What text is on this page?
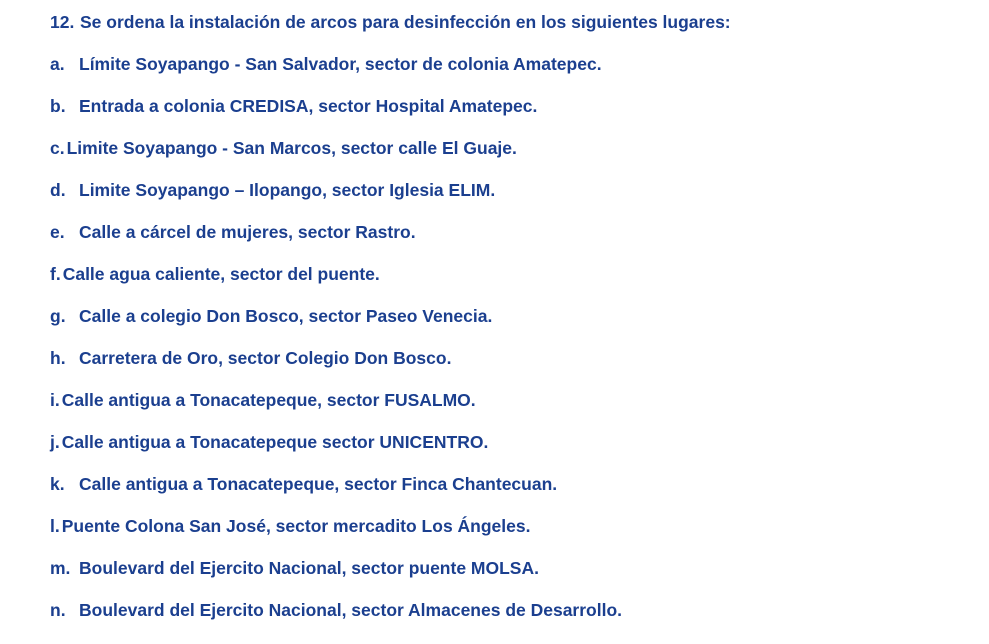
12. Se ordena la instalación de arcos para desinfección en los siguientes lugares:
a. Límite Soyapango - San Salvador, sector de colonia Amatepec.
b. Entrada a colonia CREDISA, sector Hospital Amatepec.
c. Limite Soyapango - San Marcos, sector calle El Guaje.
d. Limite Soyapango – Ilopango, sector Iglesia ELIM.
e. Calle a cárcel de mujeres, sector Rastro.
f. Calle agua caliente, sector del puente.
g. Calle a colegio Don Bosco, sector Paseo Venecia.
h. Carretera de Oro, sector Colegio Don Bosco.
i. Calle antigua a Tonacatepeque, sector FUSALMO.
j. Calle antigua a Tonacatepeque sector UNICENTRO.
k. Calle antigua a Tonacatepeque, sector Finca Chantecuan.
l. Puente Colona San José, sector mercadito Los Ángeles.
m. Boulevard del Ejercito Nacional, sector puente MOLSA.
n. Boulevard del Ejercito Nacional, sector Almacenes de Desarrollo.
